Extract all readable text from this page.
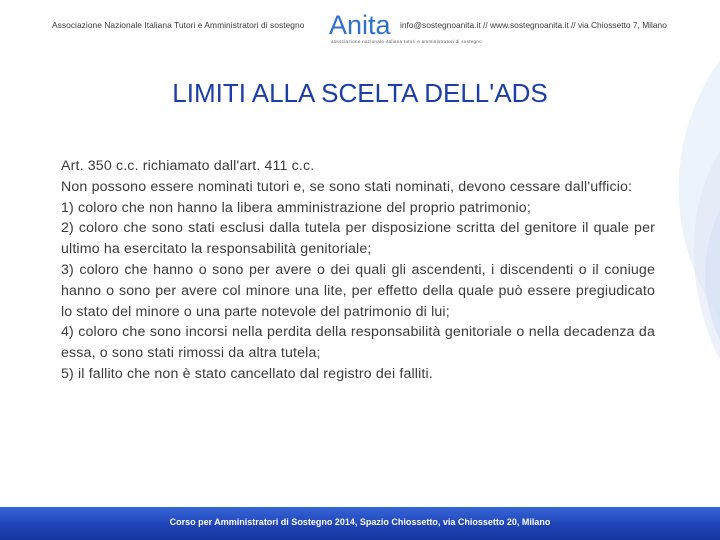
Associazione Nazionale Italiana Tutori e Amministratori di sostegno Anita
associazione nazionale italiana tutori e amministratori di sostegno
info@sostegnoanita.it // www.sostegnoanita.it // via Chiossetto 7, Milano
LIMITI ALLA SCELTA DELL'ADS

Art. 350 c.c. richiamato dall'art. 411 c.c.

Non possono essere nominati tutori e, se sono stati nominati, devono cessare dall'ufficio:

1) coloro che non hanno la libera amministrazione del proprio patrimonio;

2) coloro che sono stati esclusi dalla tutela per disposizione scritta del genitore il quale per ultimo ha esercitato la responsabilità genitoriale;

3) coloro che hanno o sono per avere o dei quali gli ascendenti, i discendenti o il coniuge hanno o sono per avere col minore una lite, per effetto della quale può essere pregiudicato lo stato del minore o una parte notevole del patrimonio di lui;

4) coloro che sono incorsi nella perdita della responsabilità genitoriale o nella decadenza da essa, o sono stati rimossi da altra tutela;

5) il fallito che non è stato cancellato dal registro dei falliti.

Corso per Amministratori di Sostegno 2014, Spazio Chiossetto, via Chiossetto 20, Milano
